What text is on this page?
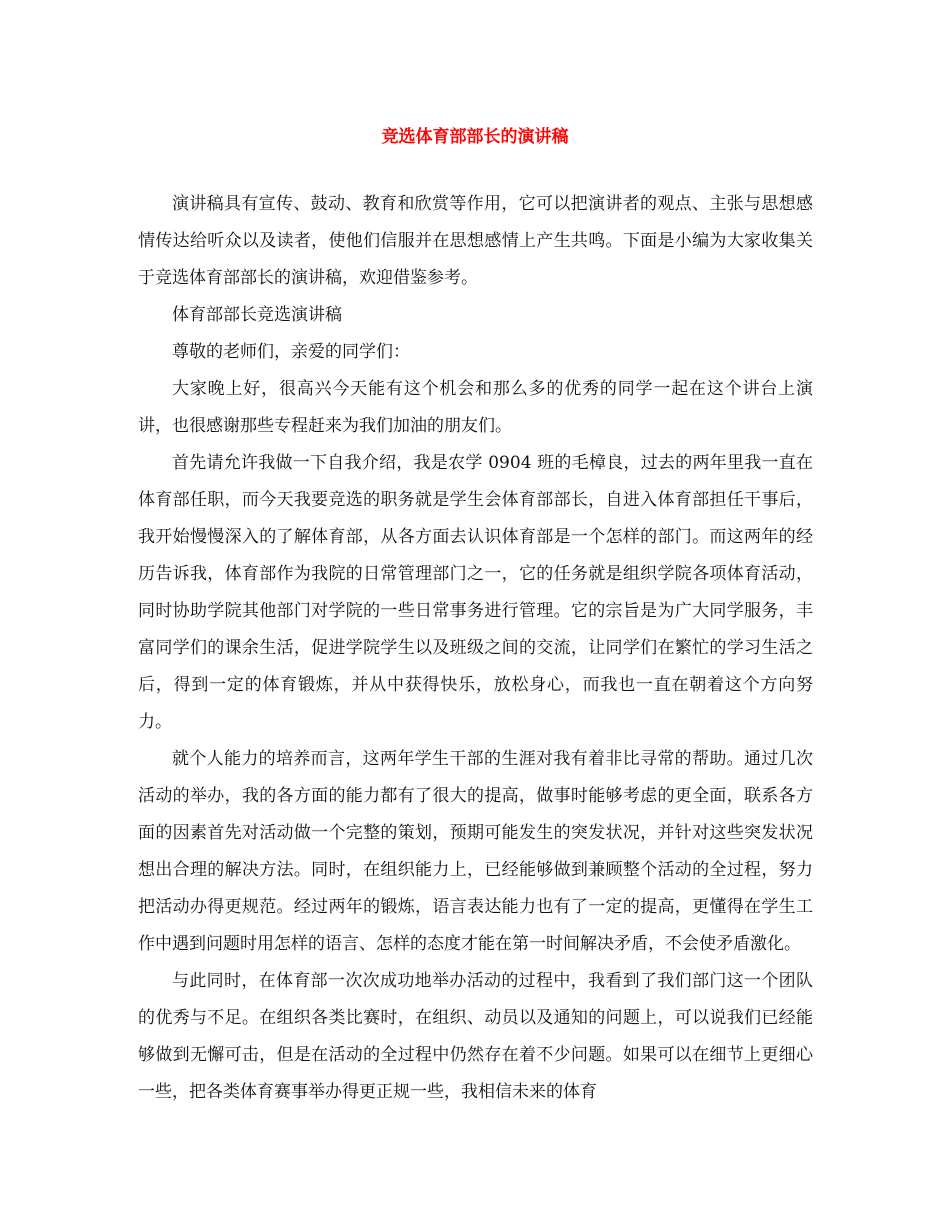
竞选体育部部长的演讲稿

演讲稿具有宣传、鼓动、教育和欣赏等作用，它可以把演讲者的观点、主张与思想感情传达给听众以及读者，使他们信服并在思想感情上产生共鸣。下面是小编为大家收集关于竞选体育部部长的演讲稿，欢迎借鉴参考。

体育部部长竞选演讲稿

尊敬的老师们，亲爱的同学们：

大家晚上好，很高兴今天能有这个机会和那么多的优秀的同学一起在这个讲台上演讲，也很感谢那些专程赶来为我们加油的朋友们。

首先请允许我做一下自我介绍，我是农学 0904 班的毛樟良，过去的两年里我一直在体育部任职，而今天我要竞选的职务就是学生会体育部部长，自进入体育部担任干事后，我开始慢慢深入的了解体育部，从各方面去认识体育部是一个怎样的部门。而这两年的经历告诉我，体育部作为我院的日常管理部门之一，它的任务就是组织学院各项体育活动，同时协助学院其他部门对学院的一些日常事务进行管理。它的宗旨是为广大同学服务，丰富同学们的课余生活，促进学院学生以及班级之间的交流，让同学们在繁忙的学习生活之后，得到一定的体育锻炼，并从中获得快乐，放松身心，而我也一直在朝着这个方向努力。

就个人能力的培养而言，这两年学生干部的生涯对我有着非比寻常的帮助。通过几次活动的举办，我的各方面的能力都有了很大的提高，做事时能够考虑的更全面，联系各方面的因素首先对活动做一个完整的策划，预期可能发生的突发状况，并针对这些突发状况想出合理的解决方法。同时，在组织能力上，已经能够做到兼顾整个活动的全过程，努力把活动办得更规范。经过两年的锻炼，语言表达能力也有了一定的提高，更懂得在学生工作中遇到问题时用怎样的语言、怎样的态度才能在第一时间解决矛盾，不会使矛盾激化。

与此同时，在体育部一次次成功地举办活动的过程中，我看到了我们部门这一个团队的优秀与不足。在组织各类比赛时，在组织、动员以及通知的问题上，可以说我们已经能够做到无懈可击，但是在活动的全过程中仍然存在着不少问题。如果可以在细节上更细心一些，把各类体育赛事举办得更正规一些，我相信未来的体育
